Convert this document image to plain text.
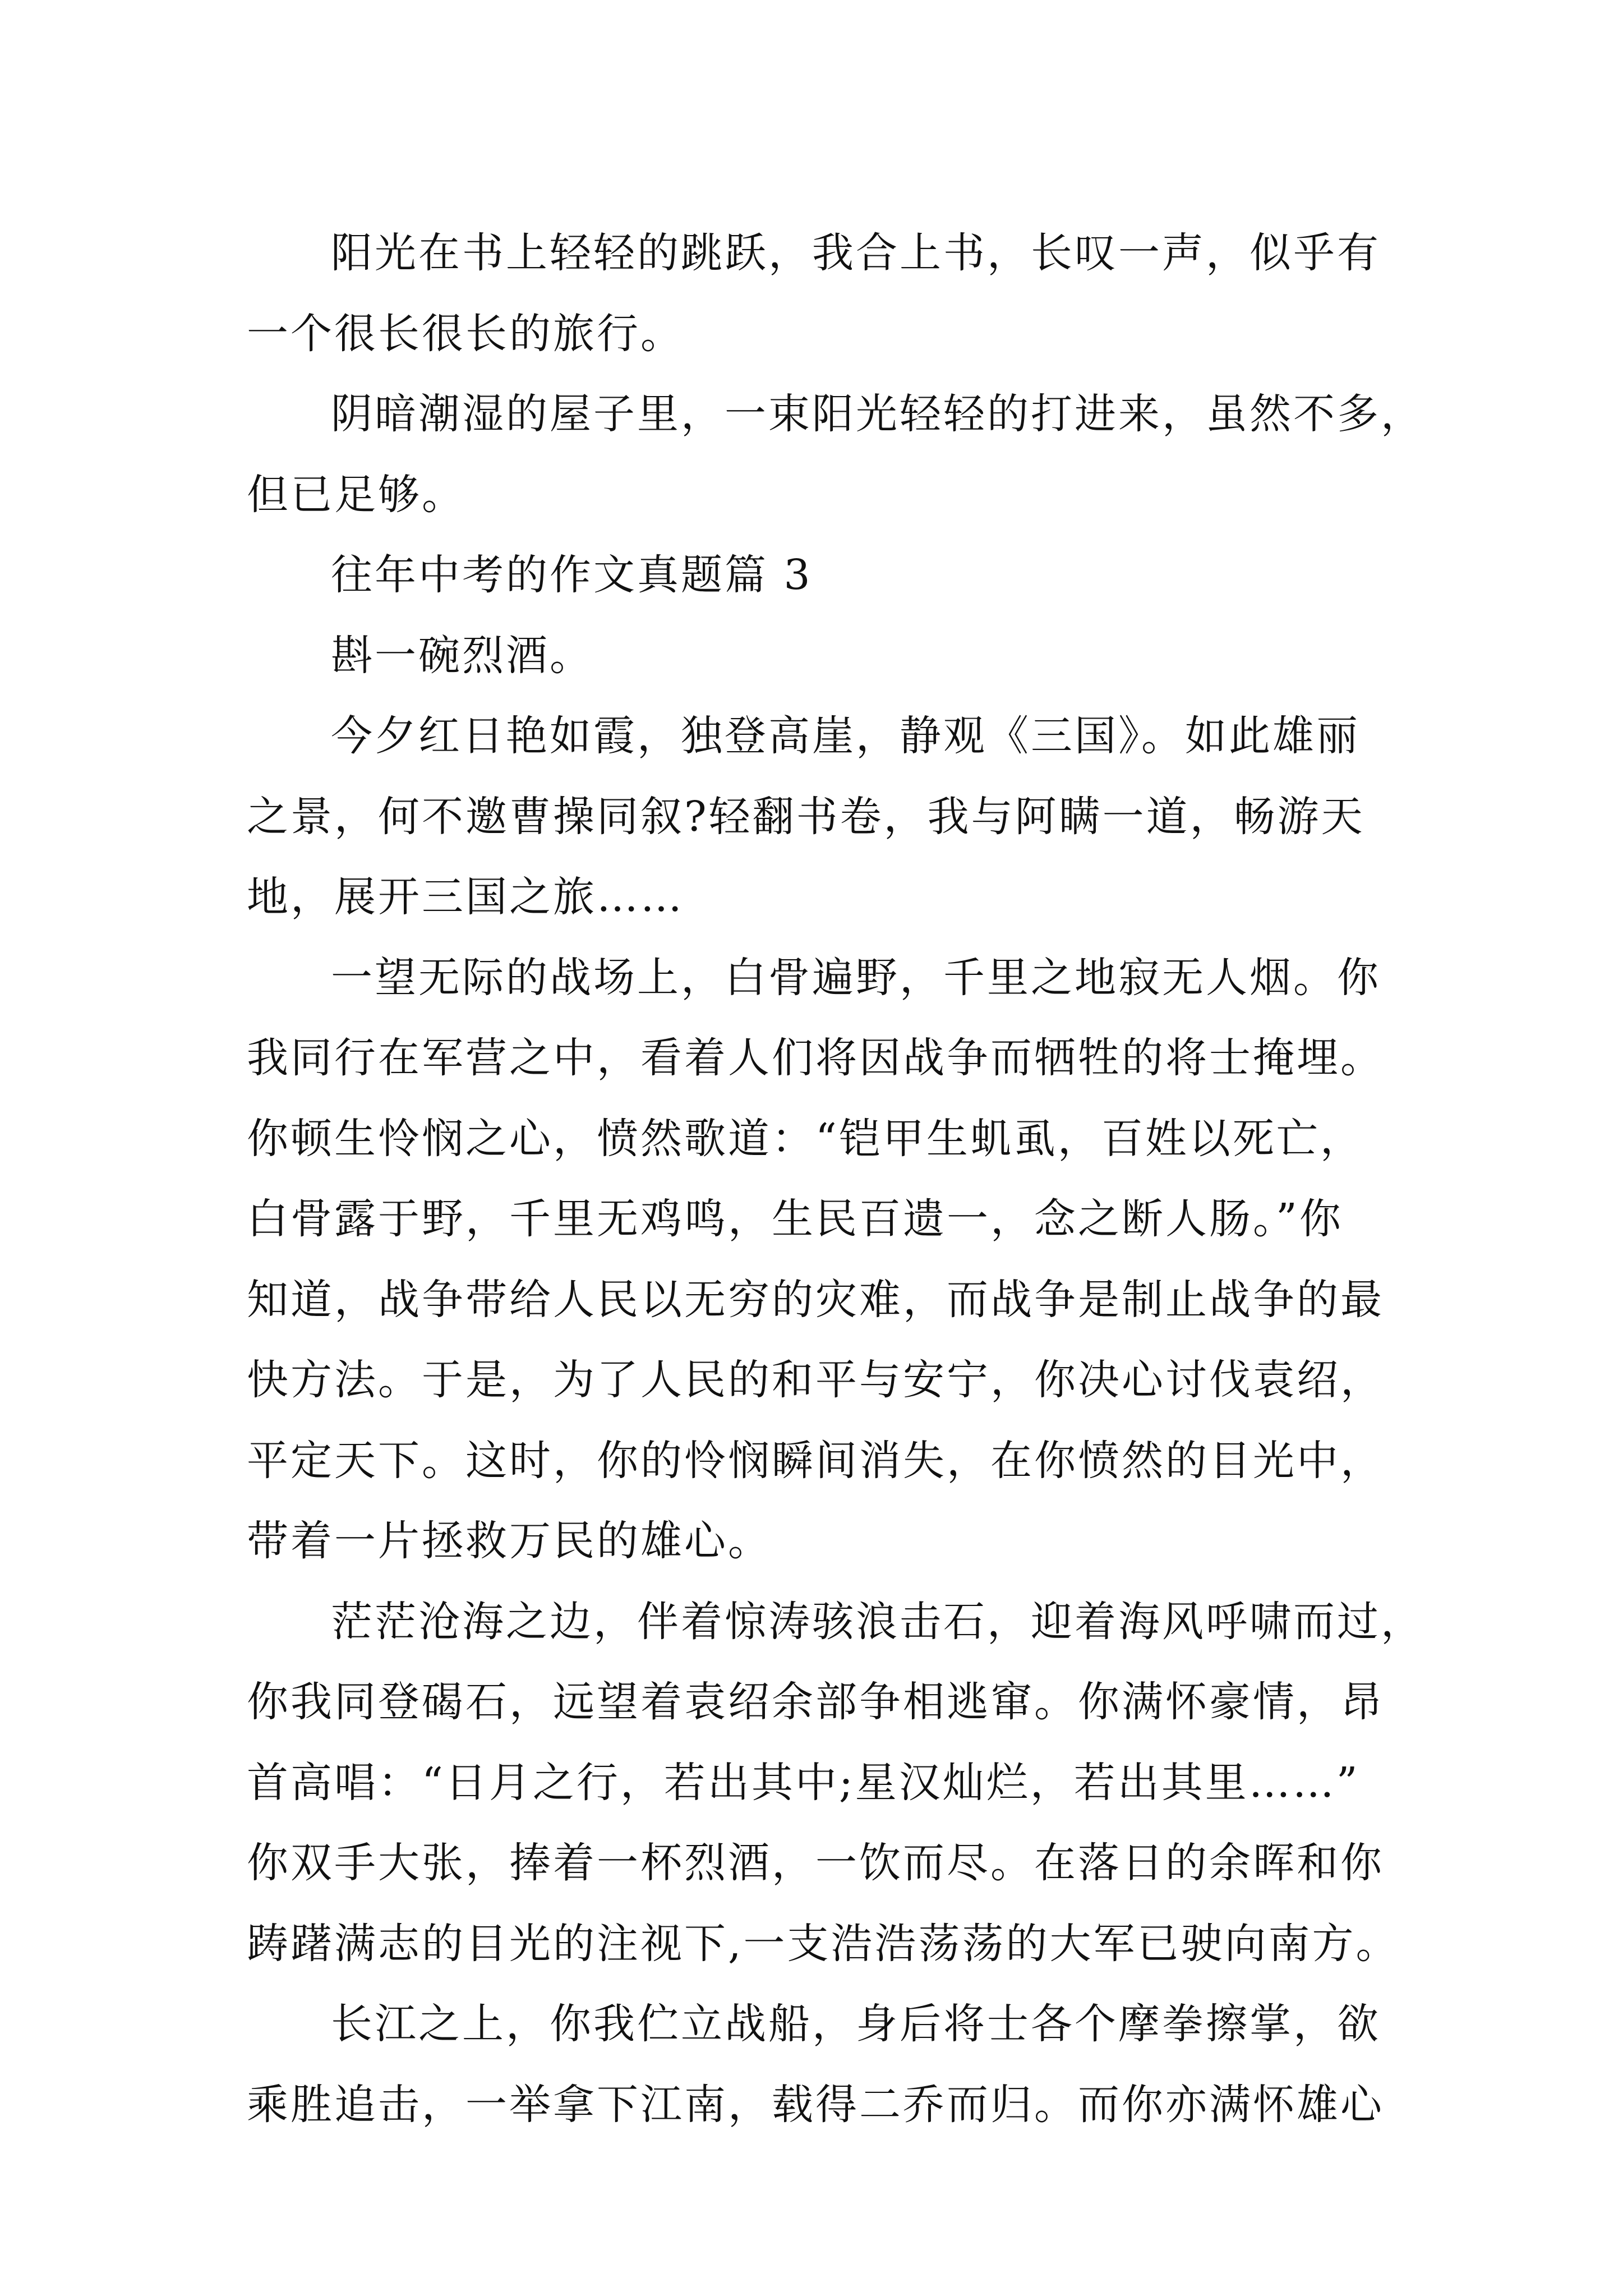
阳光在书上轻轻的跳跃，我合上书，长叹一声，似乎有
一个很长很长的旅行。
阴暗潮湿的屋子里，一束阳光轻轻的打进来，虽然不多，
但已足够。
往年中考的作文真题篇 3
斟一碗烈酒。
今夕红日艳如霞，独登高崖，静观《三国》。如此雄丽
之景，何不邀曹操同叙?轻翻书卷，我与阿瞒一道，畅游天
地，展开三国之旅……
一望无际的战场上，白骨遍野，千里之地寂无人烟。你
我同行在军营之中，看着人们将因战争而牺牲的将士掩埋。
你顿生怜悯之心，愤然歌道：“铠甲生虮虱，百姓以死亡，
白骨露于野，千里无鸡鸣，生民百遗一，念之断人肠。”你
知道，战争带给人民以无穷的灾难，而战争是制止战争的最
快方法。于是，为了人民的和平与安宁，你决心讨伐袁绍，
平定天下。这时，你的怜悯瞬间消失，在你愤然的目光中，
带着一片拯救万民的雄心。
茫茫沧海之边，伴着惊涛骇浪击石，迎着海风呼啸而过，
你我同登碣石，远望着袁绍余部争相逃窜。你满怀豪情，昂
首高唱：“日月之行，若出其中;星汉灿烂，若出其里……”
你双手大张，捧着一杯烈酒，一饮而尽。在落日的余晖和你
踌躇满志的目光的注视下,一支浩浩荡荡的大军已驶向南方。
长江之上，你我伫立战船，身后将士各个摩拳擦掌，欲
乘胜追击，一举拿下江南，载得二乔而归。而你亦满怀雄心
